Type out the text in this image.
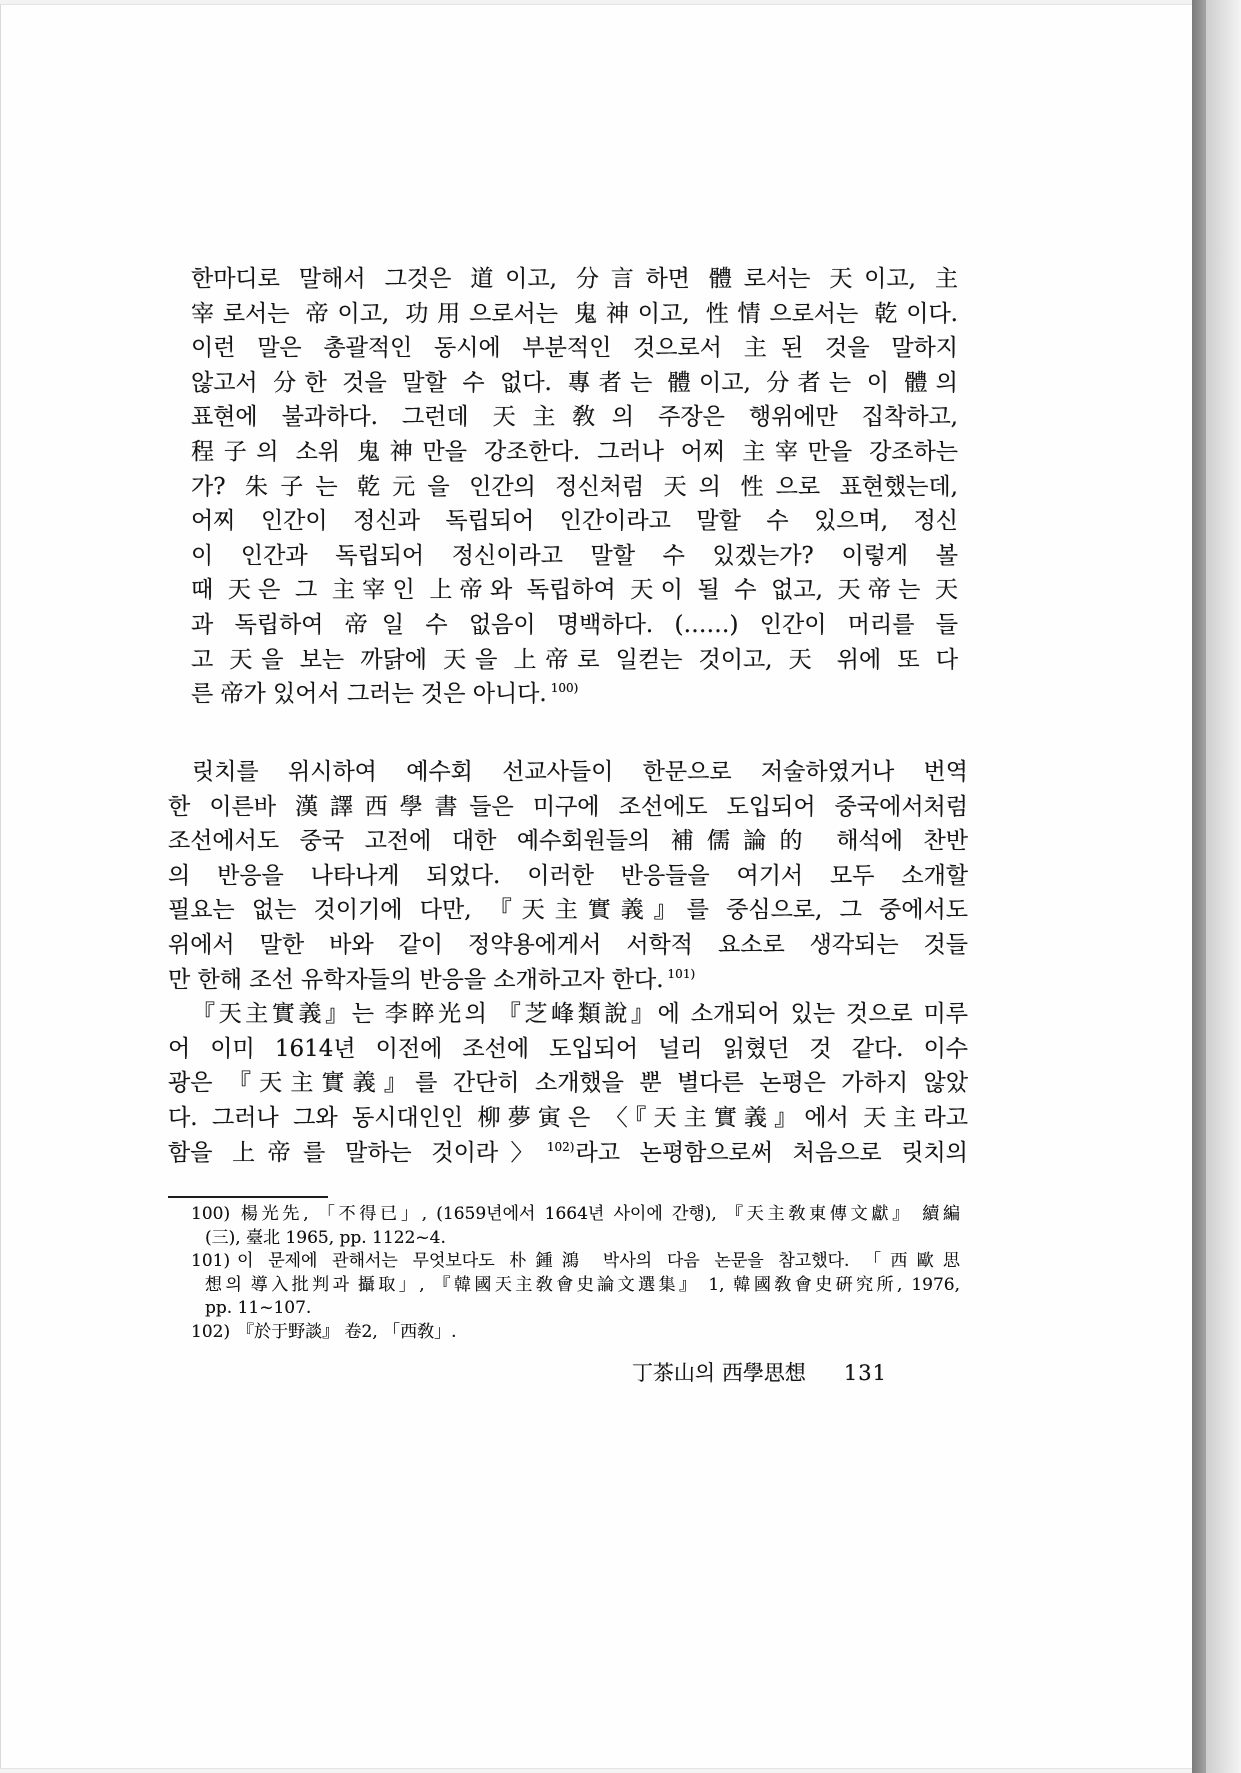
한마디로 말해서 그것은 道이고, 分言하면 體로서는 天이고, 主
宰로서는 帝이고, 功用으로서는 鬼神이고, 性情으로서는 乾이다.
이런 말은 총괄적인 동시에 부분적인 것으로서 主된 것을 말하지
않고서 分한 것을 말할 수 없다. 專者는 體이고, 分者는 이 體의
표현에 불과하다. 그런데 天主敎의 주장은 행위에만 집착하고,
程子의 소위 鬼神만을 강조한다. 그러나 어찌 主宰만을 강조하는
가? 朱子는 乾元을 인간의 정신처럼 天의 性으로 표현했는데,
어찌 인간이 정신과 독립되어 인간이라고 말할 수 있으며, 정신
이 인간과 독립되어 정신이라고 말할 수 있겠는가? 이렇게 볼
때 天은 그 主宰인 上帝와 독립하여 天이 될 수 없고, 天帝는 天
과 독립하여 帝일 수 없음이 명백하다. (……) 인간이 머리를 들
고 天을 보는 까닭에 天을 上帝로 일컫는 것이고, 天 위에 또 다
른 帝가 있어서 그러는 것은 아니다. $^{100)}$
릿치를 위시하여 예수회 선교사들이 한문으로 저술하였거나 번역
한 이른바 漢譯西學書들은 미구에 조선에도 도입되어 중국에서처럼
조선에서도 중국 고전에 대한 예수회원들의 補儒論的 해석에 찬반
의 반응을 나타나게 되었다. 이러한 반응들을 여기서 모두 소개할
필요는 없는 것이기에 다만, 『天主實義』를 중심으로, 그 중에서도
위에서 말한 바와 같이 정약용에게서 서학적 요소로 생각되는 것들
만 한해 조선 유학자들의 반응을 소개하고자 한다. $^{101)}$
『天主實義』는 李睟光의 『芝峰類說』에 소개되어 있는 것으로 미루
어 이미 1614년 이전에 조선에 도입되어 널리 읽혔던 것 같다. 이수
광은 『天主實義』를 간단히 소개했을 뿐 별다른 논평은 가하지 않았
다. 그러나 그와 동시대인인 柳夢寅은 〈『天主實義』에서 天主라고
함을 上帝를 말하는 것이라〉$^{102)}$라고 논평함으로써 처음으로 릿치의
100) 楊光先, 「不得已」, (1659년에서 1664년 사이에 간행), 『天主敎東傳文獻』 續編
(三), 臺北 1965, pp. 1122~4.
101) 이 문제에 관해서는 무엇보다도 朴鍾鴻 박사의 다음 논문을 참고했다. 「西歐思
想의 導入批判과 攝取」, 『韓國天主敎會史論文選集』 1, 韓國敎會史硏究所, 1976,
pp. 11~107.
102) 『於于野談』 卷2, 「西敎」.
丁茶山의 西學思想 131
